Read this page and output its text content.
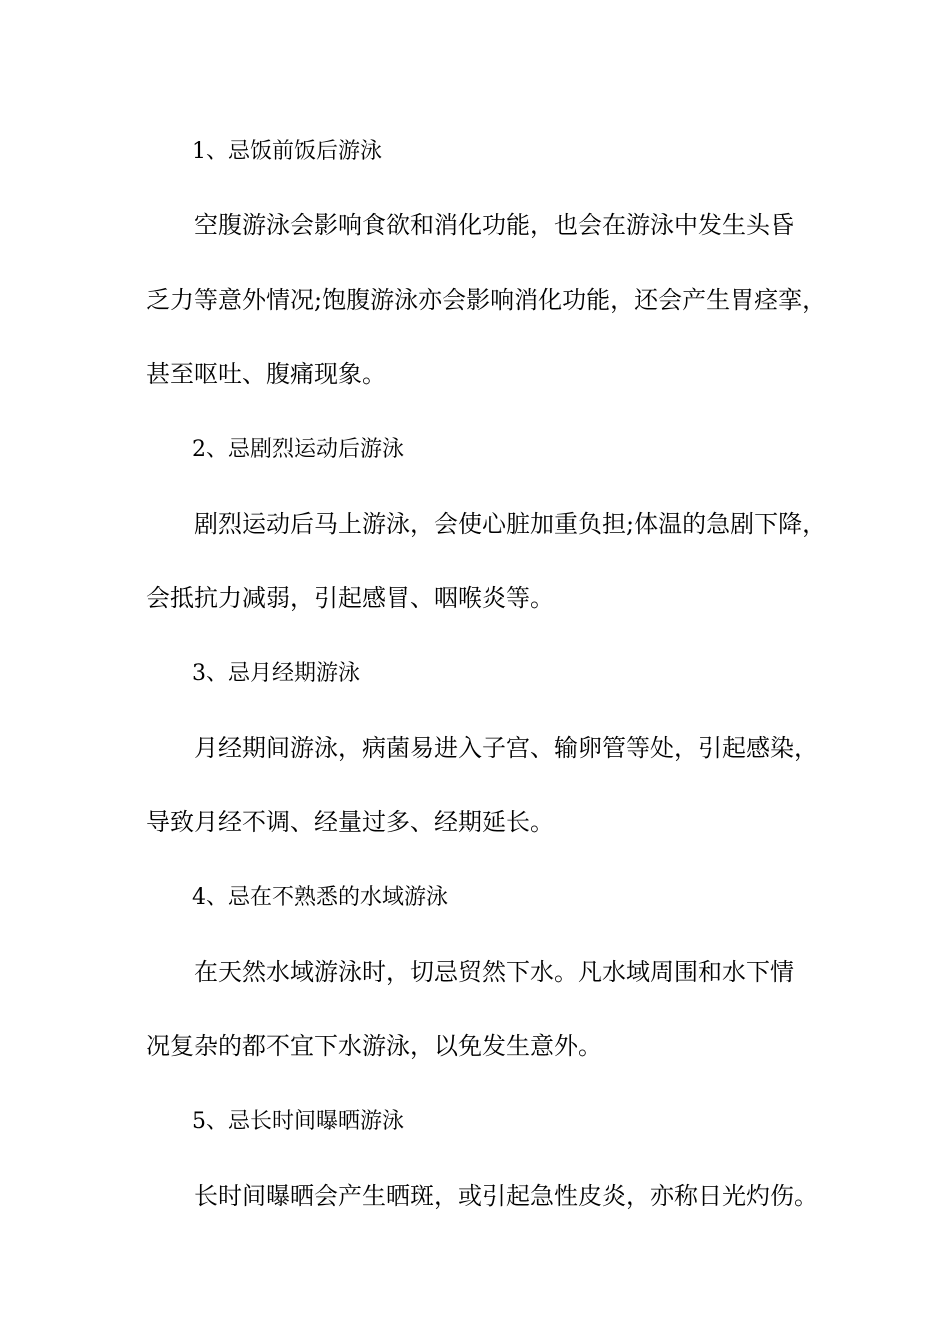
1、忌饭前饭后游泳
空腹游泳会影响食欲和消化功能，也会在游泳中发生头昏
乏力等意外情况;饱腹游泳亦会影响消化功能，还会产生胃痉挛，
甚至呕吐、腹痛现象。
2、忌剧烈运动后游泳
剧烈运动后马上游泳，会使心脏加重负担;体温的急剧下降，
会抵抗力减弱，引起感冒、咽喉炎等。
3、忌月经期游泳
月经期间游泳，病菌易进入子宫、输卵管等处，引起感染，
导致月经不调、经量过多、经期延长。
4、忌在不熟悉的水域游泳
在天然水域游泳时，切忌贸然下水。凡水域周围和水下情
况复杂的都不宜下水游泳，以免发生意外。
5、忌长时间曝晒游泳
长时间曝晒会产生晒斑，或引起急性皮炎，亦称日光灼伤。
